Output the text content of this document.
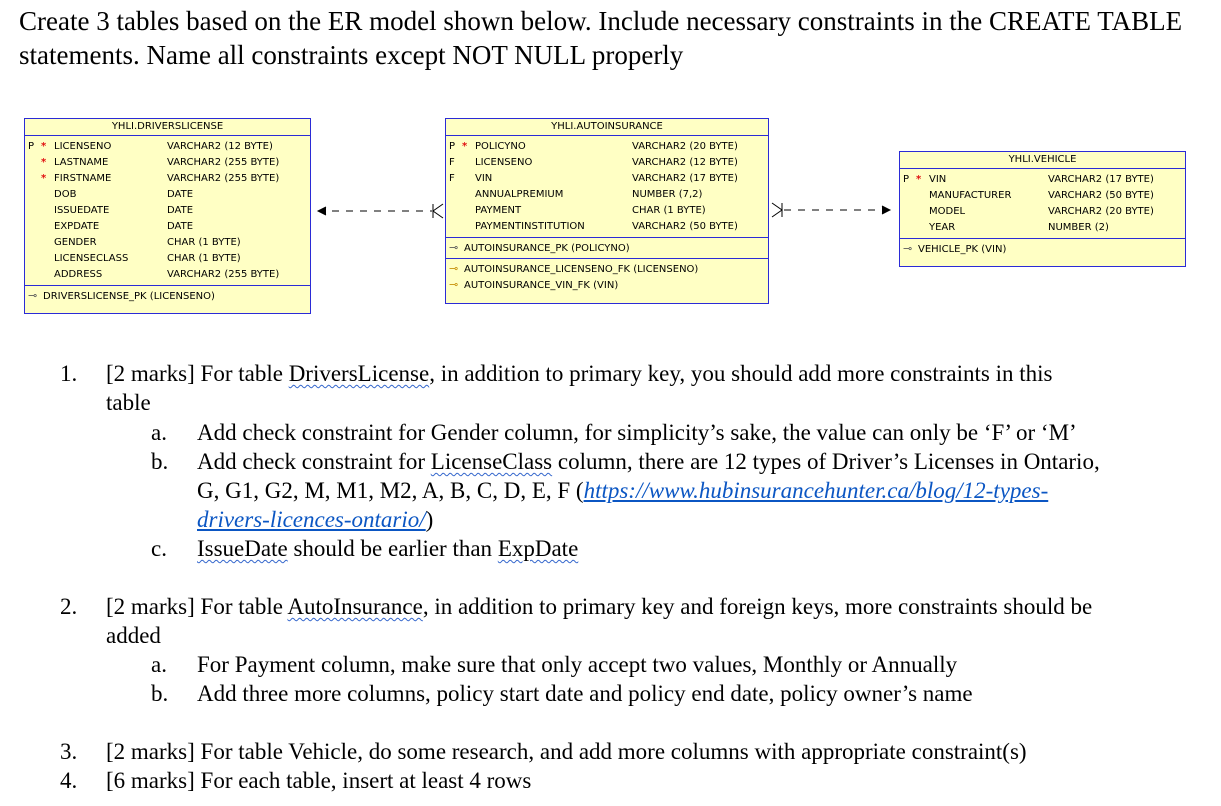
Create 3 tables based on the ER model shown below. Include necessary constraints in the CREATE TABLE statements. Name all constraints except NOT NULL properly

YHLI.DRIVERSLICENSE
P * LICENSENO	VARCHAR2 (12 BYTE)
* LASTNAME	VARCHAR2 (255 BYTE)
* FIRSTNAME	VARCHAR2 (255 BYTE)
DOB	DATE
ISSUEDATE	DATE
EXPDATE	DATE
GENDER	CHAR (1 BYTE)
LICENSECLASS	CHAR (1 BYTE)
ADDRESS	VARCHAR2 (255 BYTE)
⊸ DRIVERSLICENSE_PK (LICENSENO)
YHLI.AUTOINSURANCE
P * POLICYNO	VARCHAR2 (20 BYTE)
F LICENSENO	VARCHAR2 (12 BYTE)
F VIN	VARCHAR2 (17 BYTE)
ANNUALPREMIUM	NUMBER (7,2)
PAYMENT	CHAR (1 BYTE)
PAYMENTINSTITUTION	VARCHAR2 (50 BYTE)
⊸ AUTOINSURANCE_PK (POLICYNO)
⊸ AUTOINSURANCE_LICENSENO_FK (LICENSENO)
⊸ AUTOINSURANCE_VIN_FK (VIN)
YHLI.VEHICLE
P * VIN	VARCHAR2 (17 BYTE)
MANUFACTURER	VARCHAR2 (50 BYTE)
MODEL	VARCHAR2 (20 BYTE)
YEAR	NUMBER (2)
⊸ VEHICLE_PK (VIN)
1. [2 marks] For table DriversLicense, in addition to primary key, you should add more constraints in this
table
a. Add check constraint for Gender column, for simplicity’s sake, the value can only be ‘F’ or ‘M’
b. Add check constraint for LicenseClass column, there are 12 types of Driver’s Licenses in Ontario,
G, G1, G2, M, M1, M2, A, B, C, D, E, F (https://www.hubinsurancehunter.ca/blog/12-types-
drivers-licences-ontario/)
c. IssueDate should be earlier than ExpDate
2. [2 marks] For table AutoInsurance, in addition to primary key and foreign keys, more constraints should be
added
a. For Payment column, make sure that only accept two values, Monthly or Annually
b. Add three more columns, policy start date and policy end date, policy owner’s name
3. [2 marks] For table Vehicle, do some research, and add more columns with appropriate constraint(s)
4. [6 marks] For each table, insert at least 4 rows
